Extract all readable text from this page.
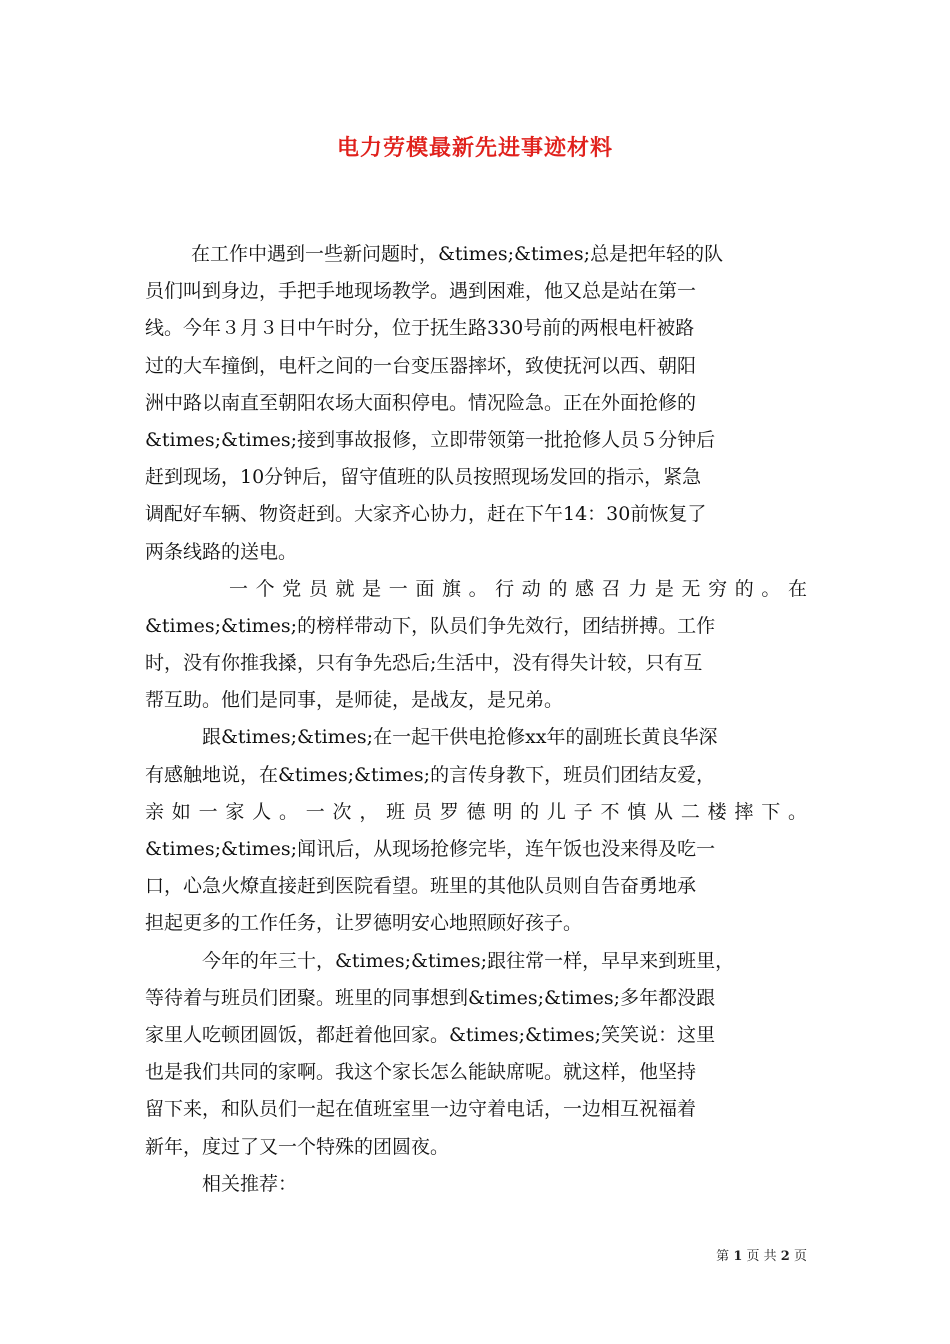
电力劳模最新先进事迹材料
在工作中遇到一些新问题时，&times;&times;总是把年轻的队
员们叫到身边，手把手地现场教学。遇到困难，他又总是站在第一
线。今年３月３日中午时分，位于抚生路330号前的两根电杆被路
过的大车撞倒，电杆之间的一台变压器摔坏，致使抚河以西、朝阳
洲中路以南直至朝阳农场大面积停电。情况险急。正在外面抢修的
&times;&times;接到事故报修，立即带领第一批抢修人员５分钟后
赶到现场，10分钟后，留守值班的队员按照现场发回的指示，紧急
调配好车辆、物资赶到。大家齐心协力，赶在下午14：30前恢复了
两条线路的送电。
一个党员就是一面旗。行动的感召力是无穷的。在
&times;&times;的榜样带动下，队员们争先效行，团结拼搏。工作
时，没有你推我搡，只有争先恐后;生活中，没有得失计较，只有互
帮互助。他们是同事，是师徒，是战友，是兄弟。
跟&times;&times;在一起干供电抢修xx年的副班长黄良华深
有感触地说，在&times;&times;的言传身教下，班员们团结友爱，
亲如一家人。一次，班员罗德明的儿子不慎从二楼摔下。
&times;&times;闻讯后，从现场抢修完毕，连午饭也没来得及吃一
口，心急火燎直接赶到医院看望。班里的其他队员则自告奋勇地承
担起更多的工作任务，让罗德明安心地照顾好孩子。
今年的年三十，&times;&times;跟往常一样，早早来到班里，
等待着与班员们团聚。班里的同事想到&times;&times;多年都没跟
家里人吃顿团圆饭，都赶着他回家。&times;&times;笑笑说：这里
也是我们共同的家啊。我这个家长怎么能缺席呢。就这样，他坚持
留下来，和队员们一起在值班室里一边守着电话，一边相互祝福着
新年，度过了又一个特殊的团圆夜。
相关推荐：
第 1 页 共 2 页
